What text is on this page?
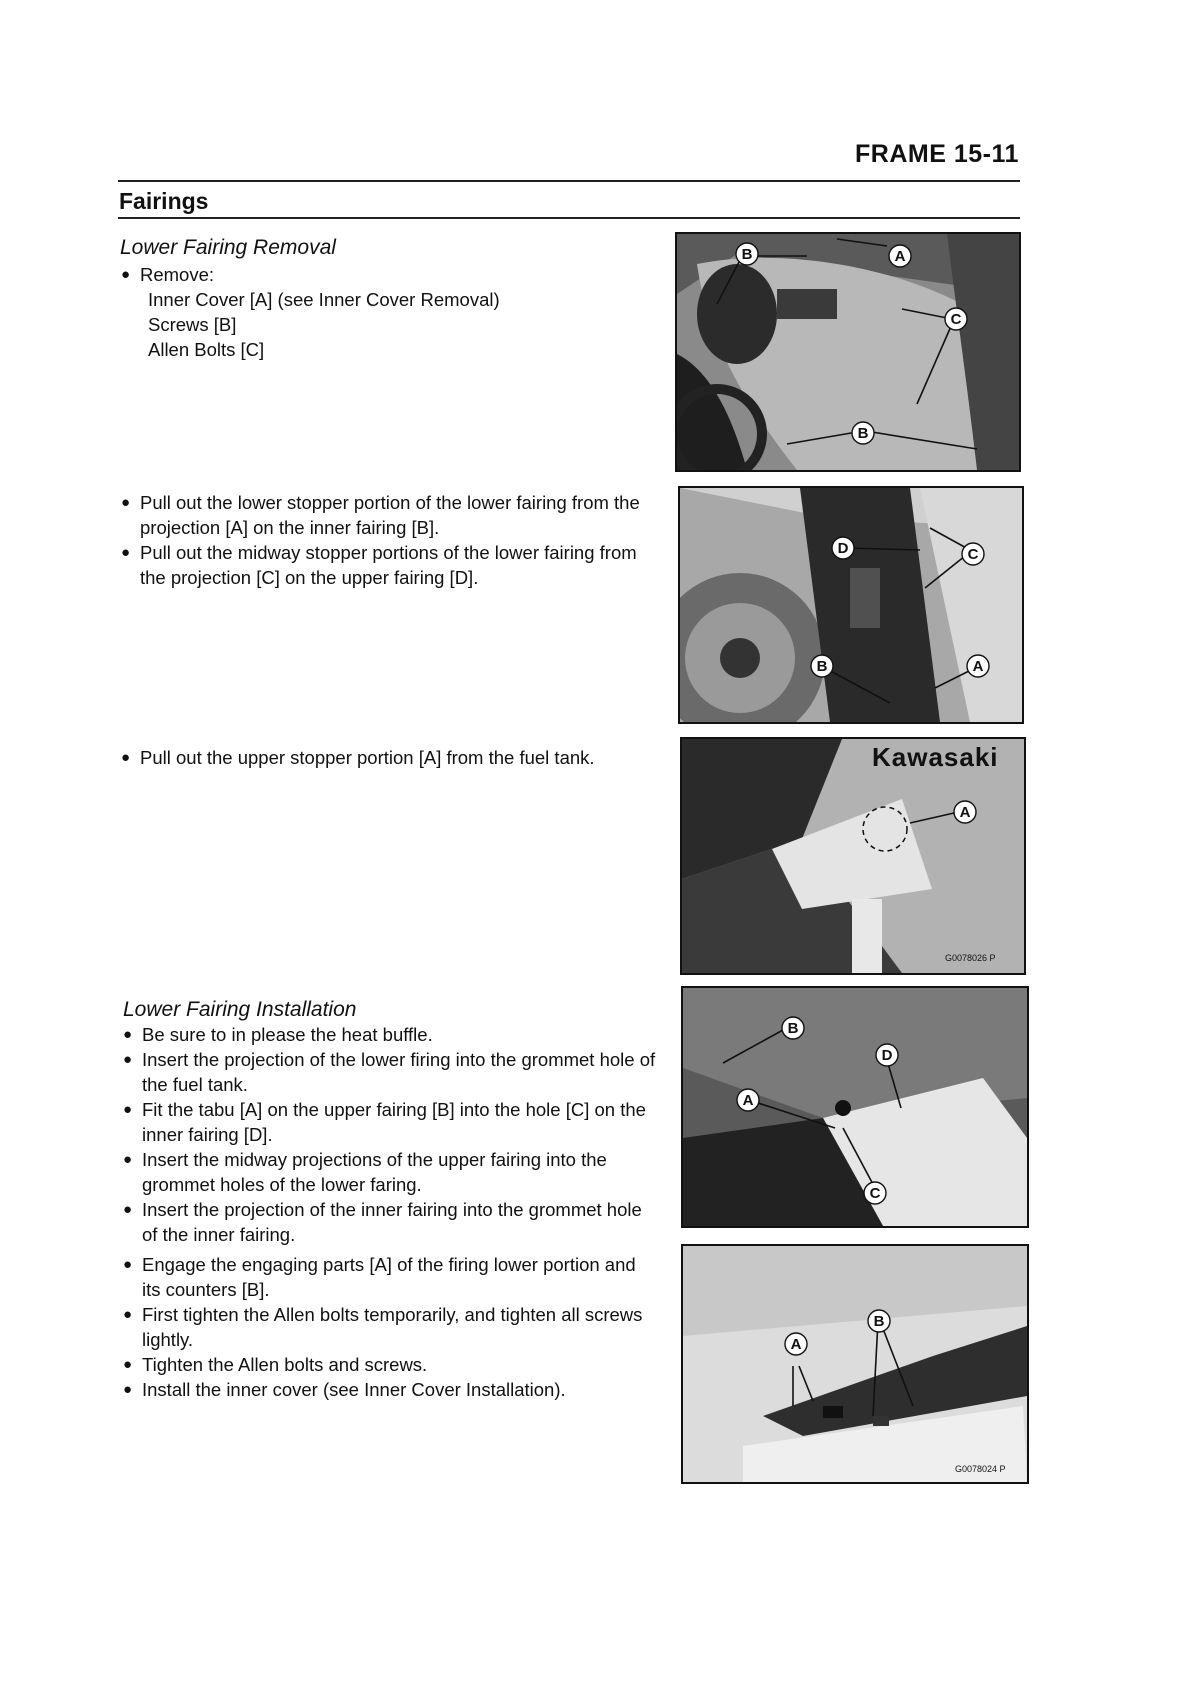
FRAME 15-11
Fairings
Lower Fairing Removal
● Remove:
Inner Cover [A] (see Inner Cover Removal)
Screws [B]
Allen Bolts [C]
● Pull out the lower stopper portion of the lower fairing from the projection [A] on the inner fairing [B].
● Pull out the midway stopper portions of the lower fairing from the projection [C] on the upper fairing [D].
● Pull out the upper stopper portion [A] from the fuel tank.
Lower Fairing Installation
● Be sure to in please the heat buffle.
● Insert the projection of the lower firing into the grommet hole of the fuel tank.
● Fit the tabu [A] on the upper fairing [B] into the hole [C] on the inner fairing [D].
● Insert the midway projections of the upper fairing into the grommet holes of the lower faring.
● Insert the projection of the inner fairing into the grommet hole of the inner fairing.
● Engage the engaging parts [A] of the firing lower portion and its counters [B].
● First tighten the Allen bolts temporarily, and tighten all screws lightly.
● Tighten the Allen bolts and screws.
● Install the inner cover (see Inner Cover Installation).
B	A
C
B
D	C
B	A
A
Kawasaki
G0078026 P
B
D
A
C
A
B
G0078024 P
